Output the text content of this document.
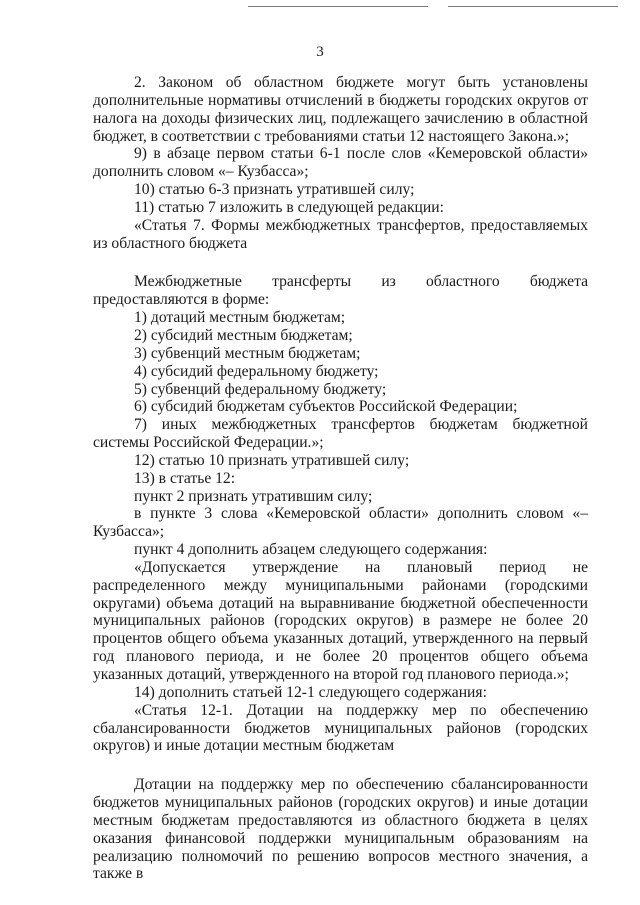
3

2. Законом об областном бюджете могут быть установлены дополнительные нормативы отчислений в бюджеты городских округов от налога на доходы физических лиц, подлежащего зачислению в областной бюджет, в соответствии с требованиями статьи 12 настоящего Закона.»;

9) в абзаце первом статьи 6-1 после слов «Кемеровской области» дополнить словом «– Кузбасса»;

10) статью 6-3 признать утратившей силу;

11) статью 7 изложить в следующей редакции:

«Статья 7. Формы межбюджетных трансфертов, предоставляемых из областного бюджета

Межбюджетные трансферты из областного бюджета предоставляются в форме:

1) дотаций местным бюджетам;

2) субсидий местным бюджетам;

3) субвенций местным бюджетам;

4) субсидий федеральному бюджету;

5) субвенций федеральному бюджету;

6) субсидий бюджетам субъектов Российской Федерации;

7) иных межбюджетных трансфертов бюджетам бюджетной системы Российской Федерации.»;

12) статью 10 признать утратившей силу;

13) в статье 12:

пункт 2 признать утратившим силу;

в пункте 3 слова «Кемеровской области» дополнить словом «– Кузбасса»;

пункт 4 дополнить абзацем следующего содержания:

«Допускается утверждение на плановый период не распределенного между муниципальными районами (городскими округами) объема дотаций на выравнивание бюджетной обеспеченности муниципальных районов (городских округов) в размере не более 20 процентов общего объема указанных дотаций, утвержденного на первый год планового периода, и не более 20 процентов общего объема указанных дотаций, утвержденного на второй год планового периода.»;

14) дополнить статьей 12-1 следующего содержания:

«Статья 12-1. Дотации на поддержку мер по обеспечению сбалансированности бюджетов муниципальных районов (городских округов) и иные дотации местным бюджетам

Дотации на поддержку мер по обеспечению сбалансированности бюджетов муниципальных районов (городских округов) и иные дотации местным бюджетам предоставляются из областного бюджета в целях оказания финансовой поддержки муниципальным образованиям на реализацию полномочий по решению вопросов местного значения, а также в
